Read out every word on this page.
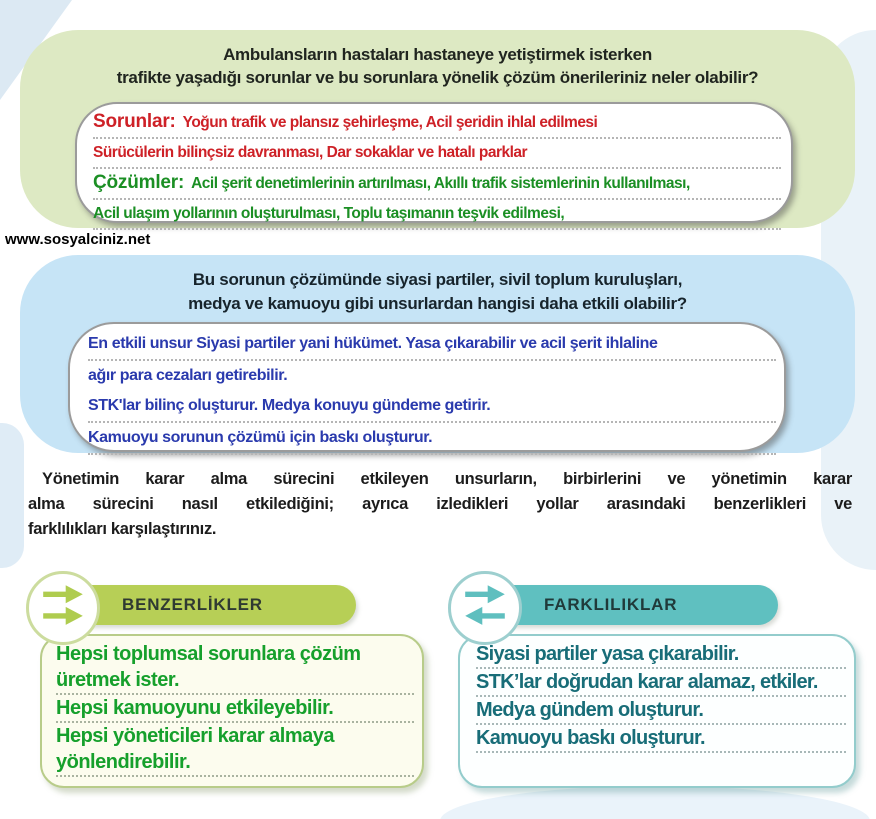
Ambulansların hastaları hastaneye yetiştirmek isterken
trafikte yaşadığı sorunlar ve bu sorunlara yönelik çözüm önerileriniz neler olabilir?
Sorunlar: Yoğun trafik ve plansız şehirleşme, Acil şeridin ihlal edilmesi
Sürücülerin bilinçsiz davranması, Dar sokaklar ve hatalı parklar
Çözümler: Acil şerit denetimlerinin artırılması, Akıllı trafik sistemlerinin kullanılması,
Acil ulaşım yollarının oluşturulması, Toplu taşımanın teşvik edilmesi,
www.sosyalciniz.net
Bu sorunun çözümünde siyasi partiler, sivil toplum kuruluşları,
medya ve kamuoyu gibi unsurlardan hangisi daha etkili olabilir?
En etkili unsur Siyasi partiler yani hükümet. Yasa çıkarabilir ve acil şerit ihlaline
ağır para cezaları getirebilir.
STK'lar bilinç oluşturur. Medya konuyu gündeme getirir.
Kamuoyu sorunun çözümü için baskı oluşturur.
Yönetimin karar alma sürecini etkileyen unsurların, birbirlerini ve yönetimin karar
alma sürecini nasıl etkilediğini; ayrıca izledikleri yollar arasındaki benzerlikleri ve
farklılıkları karşılaştırınız.
BENZERLİKLER
Hepsi toplumsal sorunlara çözüm üretmek ister.
Hepsi kamuoyunu etkileyebilir.
Hepsi yöneticileri karar almaya yönlendirebilir.
FARKLILIKLAR
Siyasi partiler yasa çıkarabilir.
STK’lar doğrudan karar alamaz, etkiler.
Medya gündem oluşturur.
Kamuoyu baskı oluşturur.
